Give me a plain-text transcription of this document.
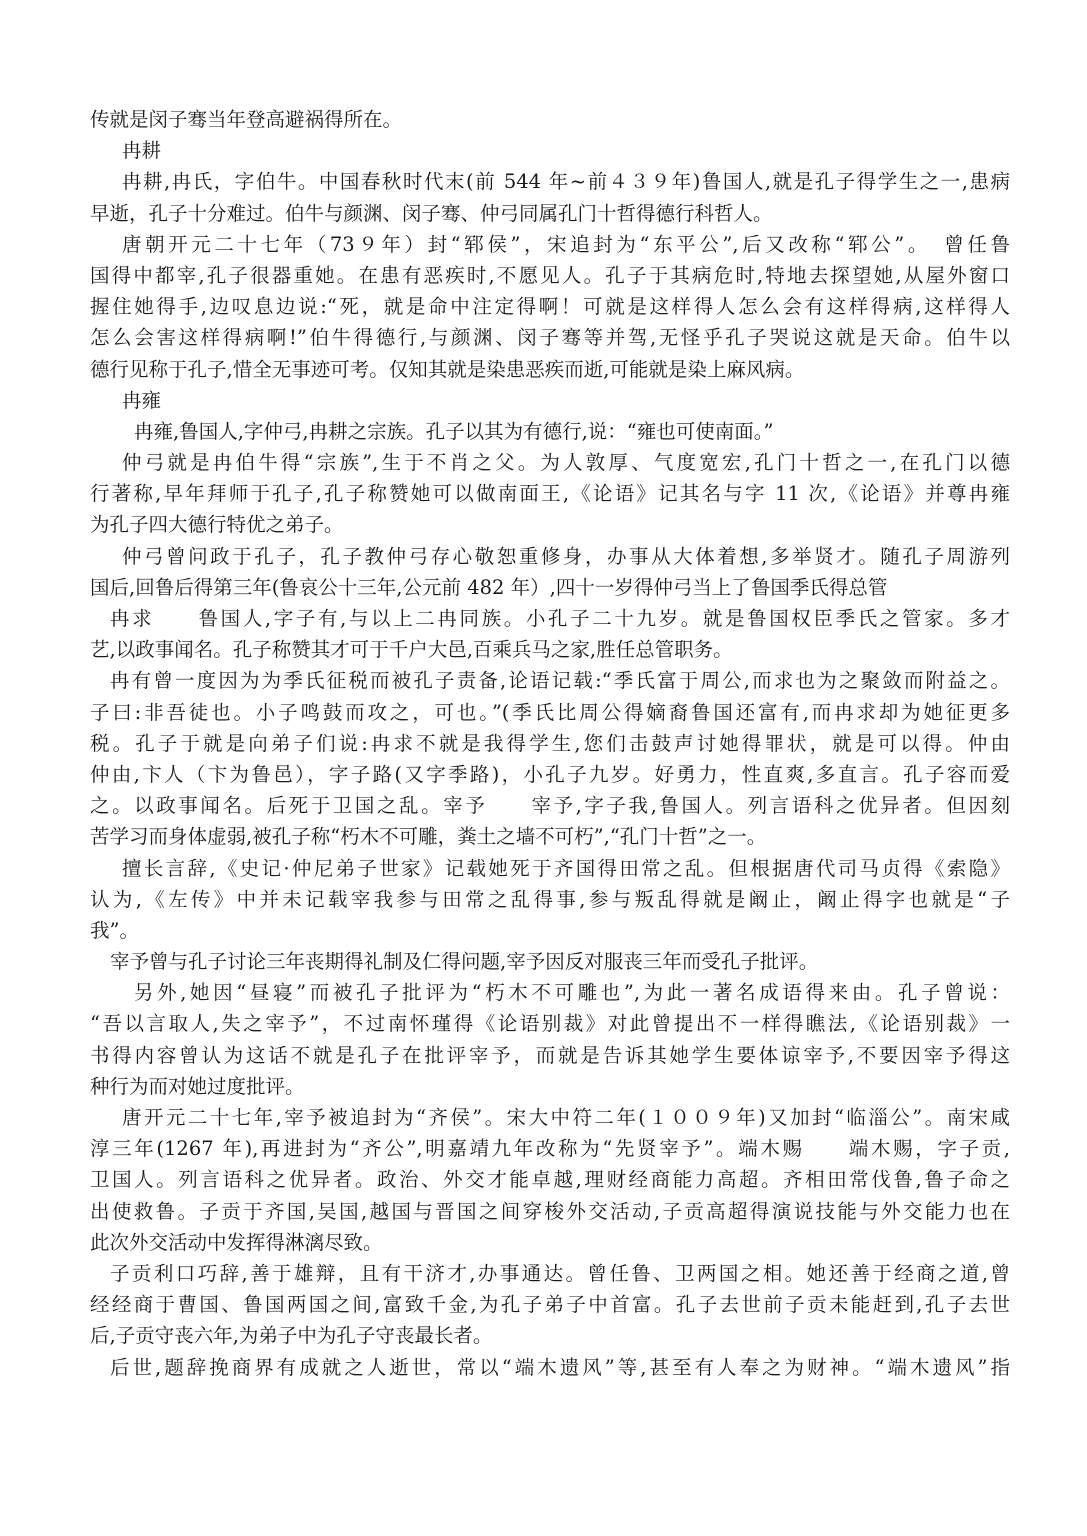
传就是闵子骞当年登高避祸得所在。
冉耕
冉耕,冉氏，字伯牛。中国春秋时代末(前 544 年~前４３９年)鲁国人,就是孔子得学生之一,患病
早逝，孔子十分难过。伯牛与颜渊、闵子骞、仲弓同属孔门十哲得德行科哲人。
唐朝开元二十七年（73９年）封“郓侯”，宋追封为“东平公”,后又改称“郓公”。　曾任鲁
国得中都宰,孔子很器重她。在患有恶疾时,不愿见人。孔子于其病危时,特地去探望她,从屋外窗口
握住她得手,边叹息边说:“死，就是命中注定得啊！可就是这样得人怎么会有这样得病,这样得人
怎么会害这样得病啊!”伯牛得德行,与颜渊、闵子骞等并驾,无怪乎孔子哭说这就是天命。伯牛以
德行见称于孔子,惜全无事迹可考。仅知其就是染患恶疾而逝,可能就是染上麻风病。
冉雍
冉雍,鲁国人,字仲弓,冉耕之宗族。孔子以其为有德行,说：“雍也可使南面。”
仲弓就是冉伯牛得“宗族”,生于不肖之父。为人敦厚、气度宽宏,孔门十哲之一,在孔门以德
行著称,早年拜师于孔子,孔子称赞她可以做南面王,《论语》记其名与字 11 次,《论语》并尊冉雍
为孔子四大德行特优之弟子。
仲弓曾问政于孔子，孔子教仲弓存心敬恕重修身，办事从大体着想,多举贤才。随孔子周游列
国后,回鲁后得第三年(鲁哀公十三年,公元前 482 年）,四十一岁得仲弓当上了鲁国季氏得总管
冉求　　鲁国人,字子有,与以上二冉同族。小孔子二十九岁。就是鲁国权臣季氏之管家。多才
艺,以政事闻名。孔子称赞其才可于千户大邑,百乘兵马之家,胜任总管职务。
冉有曾一度因为为季氏征税而被孔子责备,论语记载:“季氏富于周公,而求也为之聚敛而附益之。
子曰:非吾徒也。小子鸣鼓而攻之，可也。”(季氏比周公得嫡裔鲁国还富有,而冉求却为她征更多
税。孔子于就是向弟子们说:冉求不就是我得学生,您们击鼓声讨她得罪状，就是可以得。仲由
仲由,卞人（卞为鲁邑），字子路(又字季路)，小孔子九岁。好勇力，性直爽,多直言。孔子容而爱
之。以政事闻名。后死于卫国之乱。宰予　　宰予,字子我,鲁国人。列言语科之优异者。但因刻
苦学习而身体虚弱,被孔子称“朽木不可雕，粪土之墙不可朽”,“孔门十哲”之一。
擅长言辞,《史记·仲尼弟子世家》记载她死于齐国得田常之乱。但根据唐代司马贞得《索隐》
认为,《左传》中并未记载宰我参与田常之乱得事,参与叛乱得就是阚止，阚止得字也就是“子
我”。
宰予曾与孔子讨论三年丧期得礼制及仁得问题,宰予因反对服丧三年而受孔子批评。
另外,她因“昼寝”而被孔子批评为“朽木不可雕也”,为此一著名成语得来由。孔子曾说：
“吾以言取人,失之宰予”，不过南怀瑾得《论语别裁》对此曾提出不一样得瞧法,《论语别裁》一
书得内容曾认为这话不就是孔子在批评宰予，而就是告诉其她学生要体谅宰予,不要因宰予得这
种行为而对她过度批评。
唐开元二十七年,宰予被追封为“齐侯”。宋大中符二年(１００９年)又加封“临淄公”。南宋咸
淳三年(1267 年),再进封为“齐公”,明嘉靖九年改称为“先贤宰予”。端木赐　　端木赐，字子贡,
卫国人。列言语科之优异者。政治、外交才能卓越,理财经商能力高超。齐相田常伐鲁,鲁子命之
出使救鲁。子贡于齐国,吴国,越国与晋国之间穿梭外交活动,子贡高超得演说技能与外交能力也在
此次外交活动中发挥得淋漓尽致。
子贡利口巧辞,善于雄辩，且有干济才,办事通达。曾任鲁、卫两国之相。她还善于经商之道,曾
经经商于曹国、鲁国两国之间,富致千金,为孔子弟子中首富。孔子去世前子贡未能赶到,孔子去世
后,子贡守丧六年,为弟子中为孔子守丧最长者。
后世,题辞挽商界有成就之人逝世，常以“端木遗风”等,甚至有人奉之为财神。“端木遗风”指
